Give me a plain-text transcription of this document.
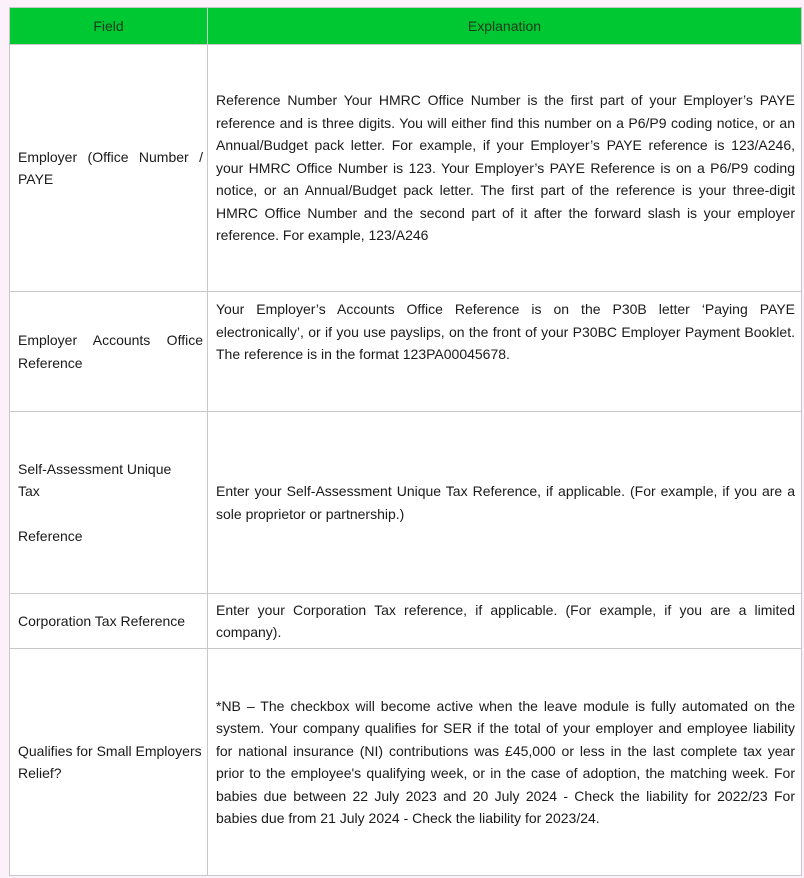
Field	Explanation
Employer (Office Number / PAYE	Reference Number Your HMRC Office Number is the first part of your Employer’s PAYE reference and is three digits. You will either find this number on a P6/P9 coding notice, or an Annual/Budget pack letter. For example, if your Employer’s PAYE reference is 123/A246, your HMRC Office Number is 123. Your Employer’s PAYE Reference is on a P6/P9 coding notice, or an Annual/Budget pack letter. The first part of the reference is your three-digit HMRC Office Number and the second part of it after the forward slash is your employer reference. For example, 123/A246
Employer Accounts Office Reference	Your Employer’s Accounts Office Reference is on the P30B letter ‘Paying PAYE electronically’, or if you use payslips, on the front of your P30BC Employer Payment Booklet. The reference is in the format 123PA00045678.

Self-Assessment Unique
Tax
Reference	Enter your Self-Assessment Unique Tax Reference, if applicable. (For example, if you are a sole proprietor or partnership.)
Corporation Tax Reference	Enter your Corporation Tax reference, if applicable. (For example, if you are a limited company).
Qualifies for Small Employers Relief?	*NB – The checkbox will become active when the leave module is fully automated on the system. Your company qualifies for SER if the total of your employer and employee liability for national insurance (NI) contributions was £45,000 or less in the last complete tax year prior to the employee's qualifying week, or in the case of adoption, the matching week. For babies due between 22 July 2023 and 20 July 2024 - Check the liability for 2022/23 For babies due from 21 July 2024 - Check the liability for 2023/24.
